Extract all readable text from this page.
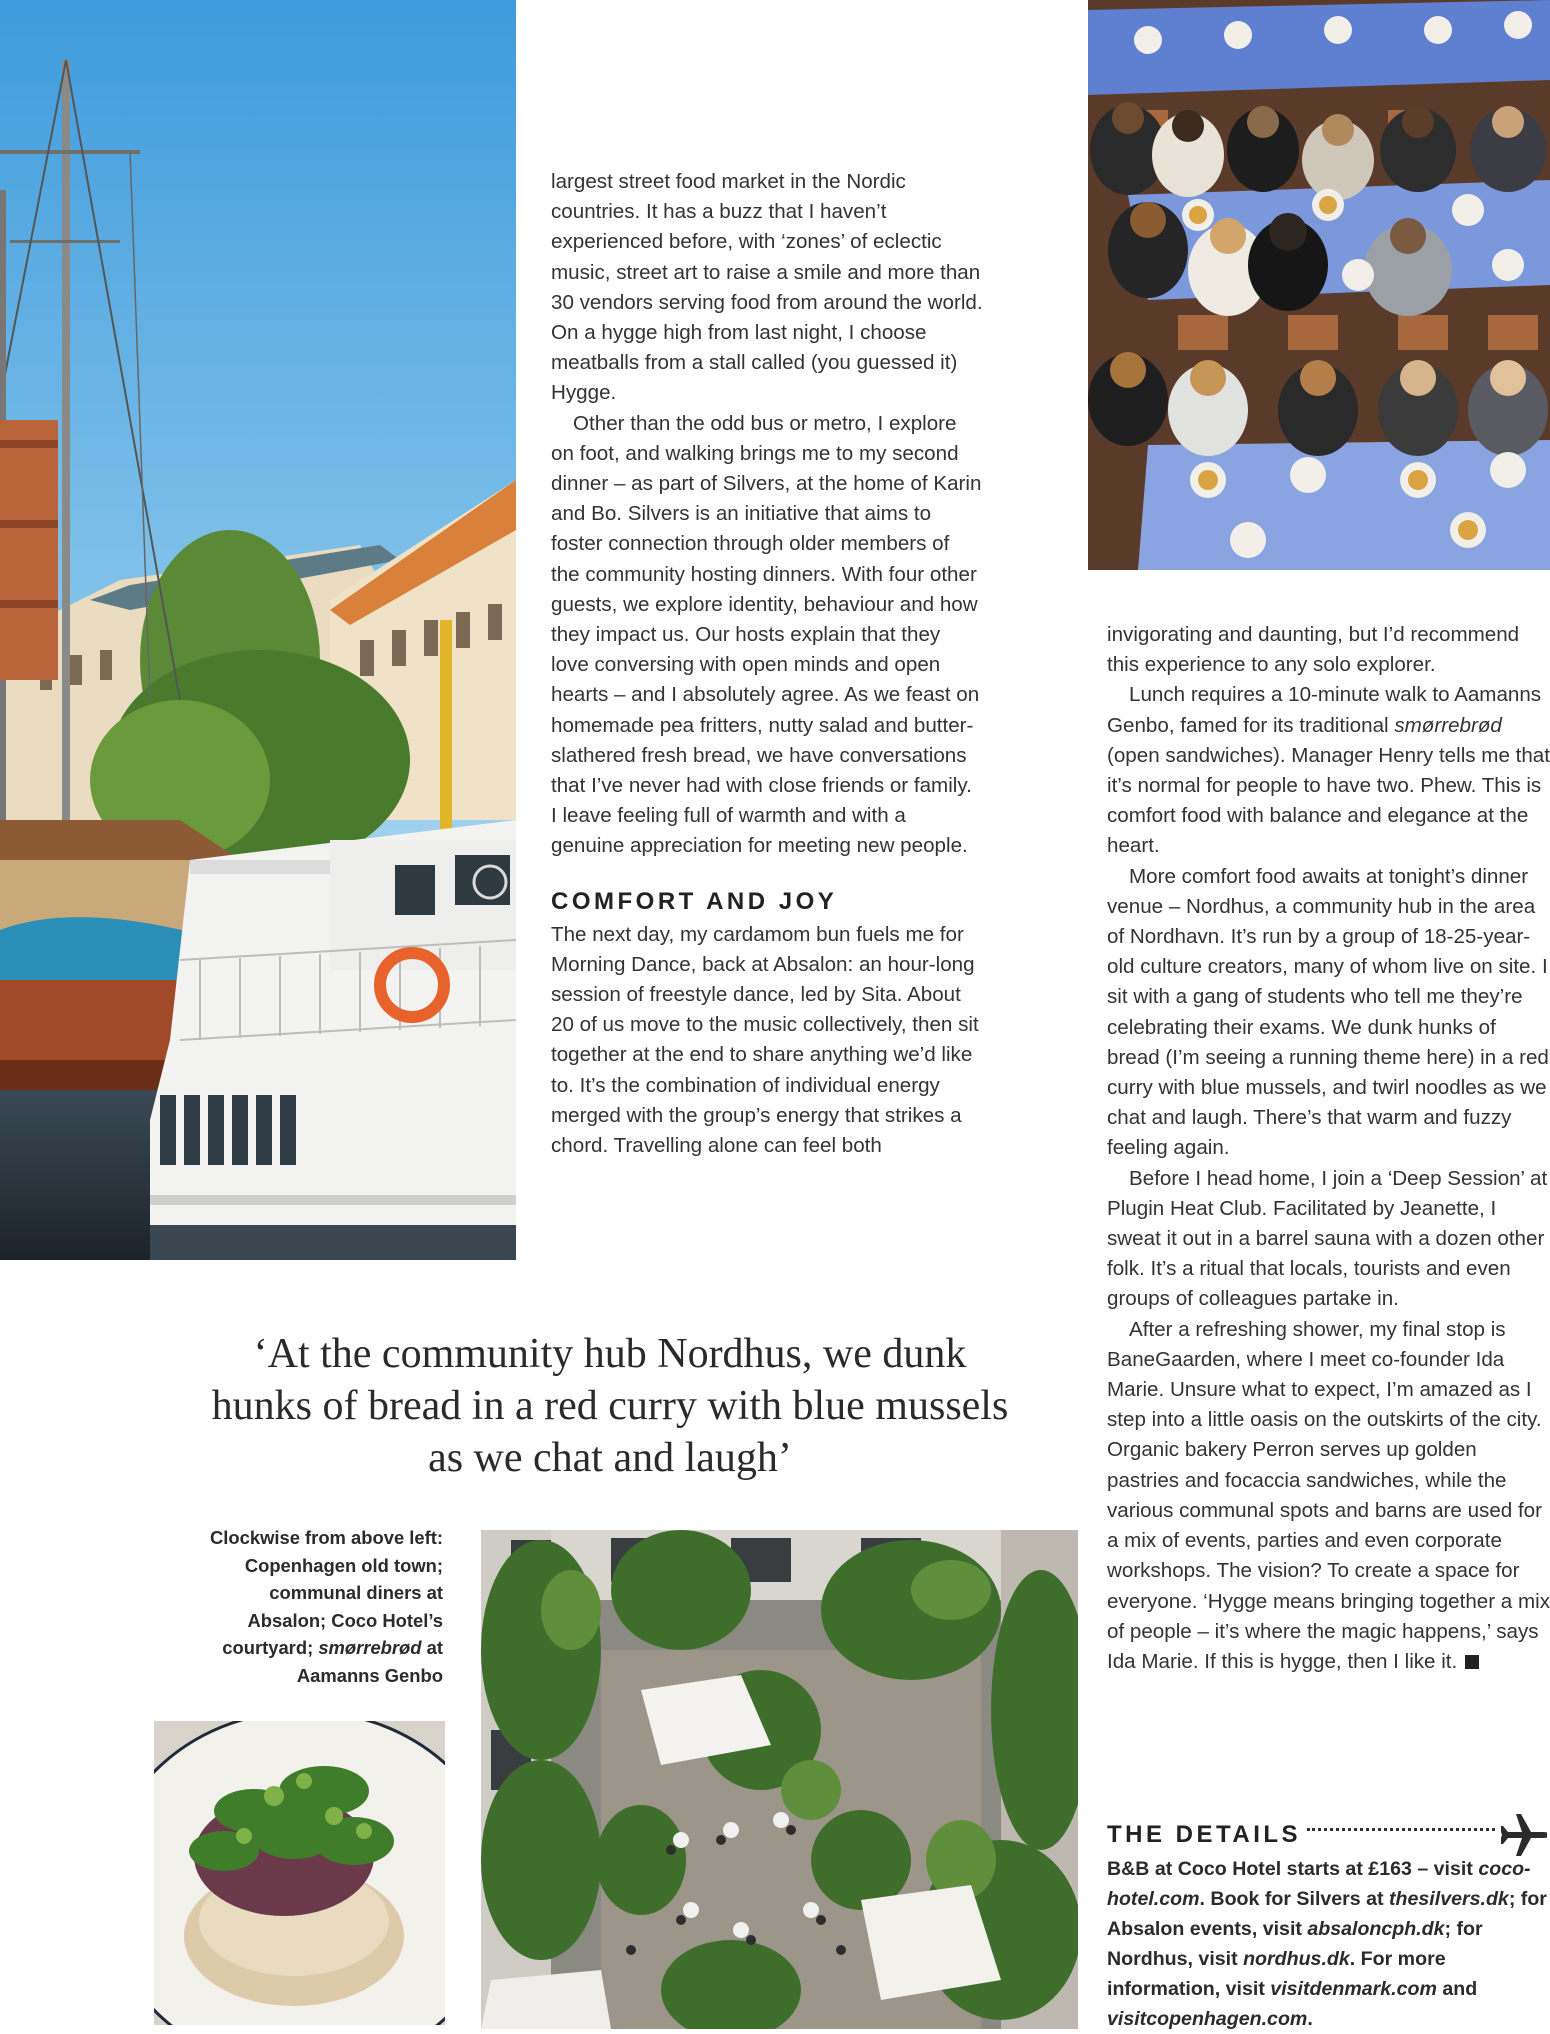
largest street food market in the Nordic countries. It has a buzz that I haven’t experienced before, with ‘zones’ of eclectic music, street art to raise a smile and more than 30 vendors serving food from around the world. On a hygge high from last night, I choose meatballs from a stall called (you guessed it) Hygge.

Other than the odd bus or metro, I explore on foot, and walking brings me to my second dinner – as part of Silvers, at the home of Karin and Bo. Silvers is an initiative that aims to foster connection through older members of the community hosting dinners. With four other guests, we explore identity, behaviour and how they impact us. Our hosts explain that they love conversing with open minds and open hearts – and I absolutely agree. As we feast on homemade pea fritters, nutty salad and butter-slathered fresh bread, we have conversations that I’ve never had with close friends or family. I leave feeling full of warmth and with a genuine appreciation for meeting new people.

COMFORT AND JOY

The next day, my cardamom bun fuels me for Morning Dance, back at Absalon: an hour-long session of freestyle dance, led by Sita. About 20 of us move to the music collectively, then sit together at the end to share anything we’d like to. It’s the combination of individual energy merged with the group’s energy that strikes a chord. Travelling alone can feel both

invigorating and daunting, but I’d recommend this experience to any solo explorer.

Lunch requires a 10-minute walk to Aamanns Genbo, famed for its traditional smørrebrød (open sandwiches). Manager Henry tells me that it’s normal for people to have two. Phew. This is comfort food with balance and elegance at the heart.

More comfort food awaits at tonight’s dinner venue – Nordhus, a community hub in the area of Nordhavn. It’s run by a group of 18-25-year-old culture creators, many of whom live on site. I sit with a gang of students who tell me they’re celebrating their exams. We dunk hunks of bread (I’m seeing a running theme here) in a red curry with blue mussels, and twirl noodles as we chat and laugh. There’s that warm and fuzzy feeling again.

Before I head home, I join a ‘Deep Session’ at Plugin Heat Club. Facilitated by Jeanette, I sweat it out in a barrel sauna with a dozen other folk. It’s a ritual that locals, tourists and even groups of colleagues partake in.

After a refreshing shower, my final stop is BaneGaarden, where I meet co-founder Ida Marie. Unsure what to expect, I’m amazed as I step into a little oasis on the outskirts of the city. Organic bakery Perron serves up golden pastries and focaccia sandwiches, while the various communal spots and barns are used for a mix of events, parties and even corporate workshops. The vision? To create a space for everyone. ‘Hygge means bringing together a mix of people – it’s where the magic happens,’ says Ida Marie. If this is hygge, then I like it.

‘At the community hub Nordhus, we dunk hunks of bread in a red curry with blue mussels as we chat and laugh’
Clockwise from above left: Copenhagen old town; communal diners at Absalon; Coco Hotel’s courtyard; smørrebrød at Aamanns Genbo
THE DETAILS
B&B at Coco Hotel starts at £163 – visit coco-hotel.com. Book for Silvers at thesilvers.dk; for Absalon events, visit absaloncph.dk; for Nordhus, visit nordhus.dk. For more information, visit visitdenmark.com and visitcopenhagen.com.
